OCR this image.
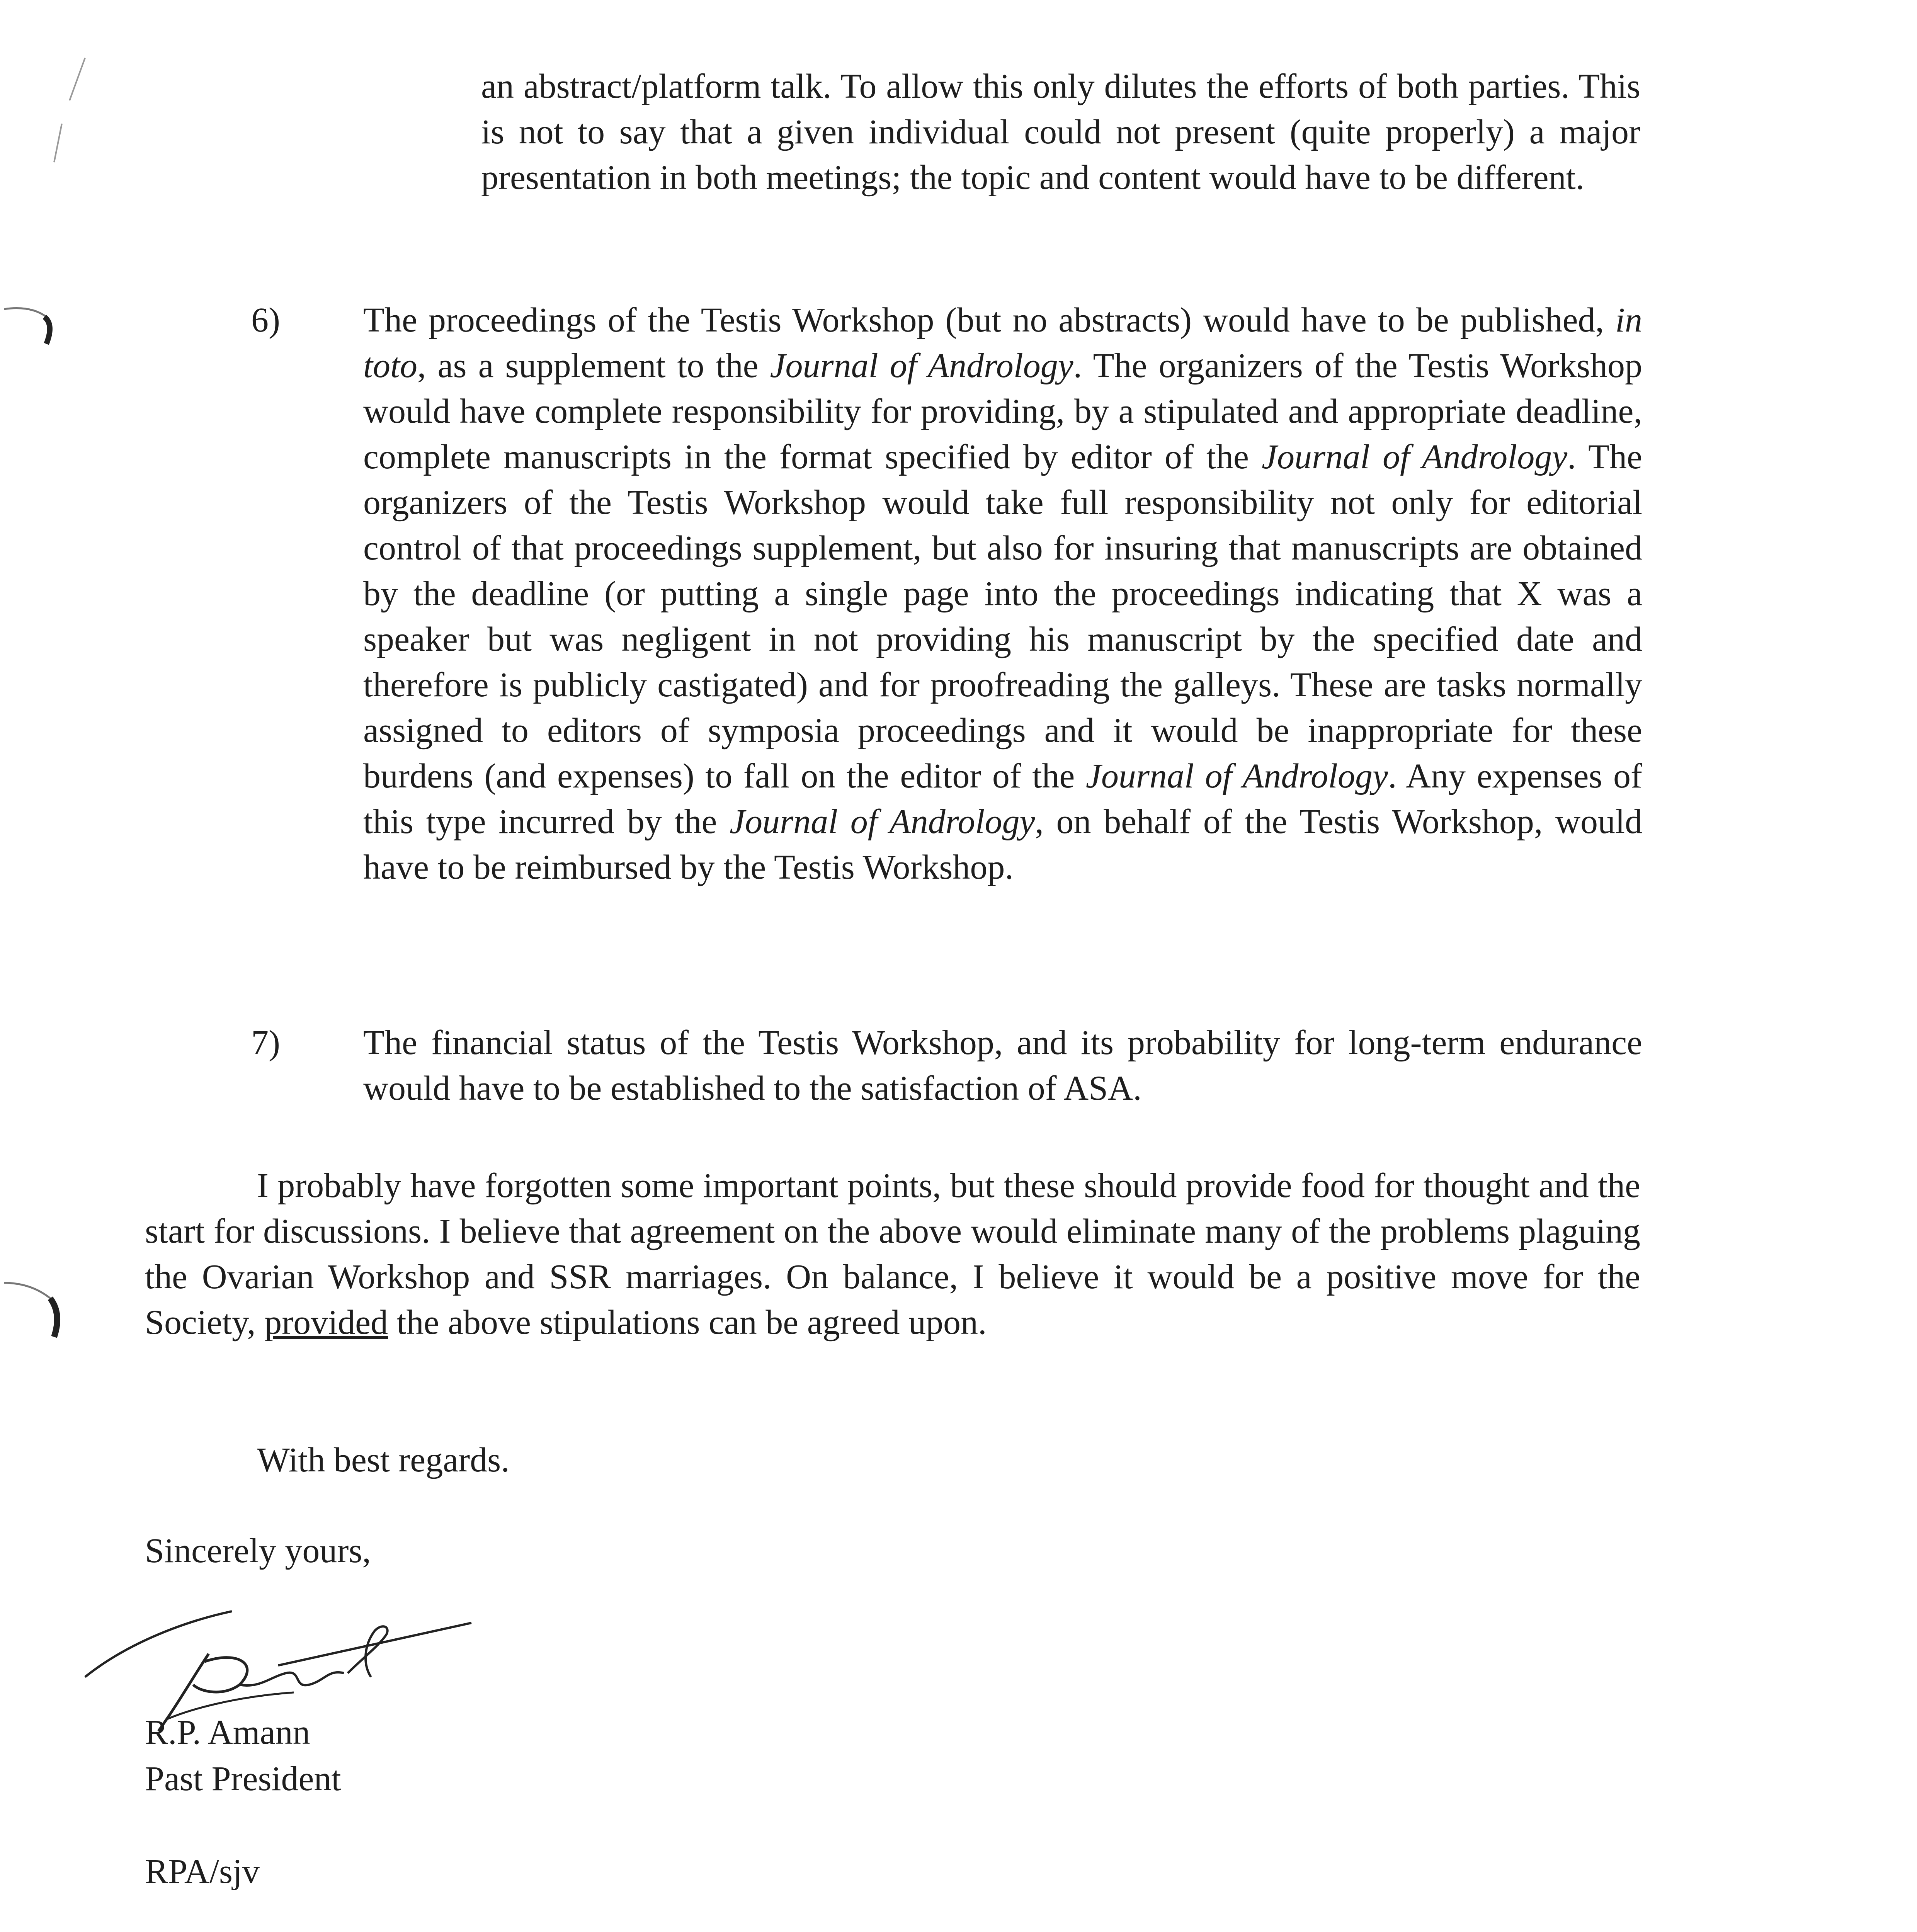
an abstract/platform talk. To allow this only dilutes the efforts of both parties. This is not to say that a given individual could not present (quite properly) a major presentation in both meetings; the topic and content would have to be different.

6) The proceedings of the Testis Workshop (but no abstracts) would have to be published, in toto, as a supplement to the Journal of Andrology. The organizers of the Testis Workshop would have complete responsibility for providing, by a stipulated and appropriate deadline, complete manuscripts in the format specified by editor of the Journal of Andrology. The organizers of the Testis Workshop would take full responsibility not only for editorial control of that proceedings supplement, but also for insuring that manuscripts are obtained by the deadline (or putting a single page into the proceedings indicating that X was a speaker but was negligent in not providing his manuscript by the specified date and therefore is publicly castigated) and for proofreading the galleys. These are tasks normally assigned to editors of symposia proceedings and it would be inappropriate for these burdens (and expenses) to fall on the editor of the Journal of Andrology. Any expenses of this type incurred by the Journal of Andrology, on behalf of the Testis Workshop, would have to be reimbursed by the Testis Workshop.

7) The financial status of the Testis Workshop, and its probability for long-term endurance would have to be established to the satisfaction of ASA.

I probably have forgotten some important points, but these should provide food for thought and the start for discussions. I believe that agreement on the above would eliminate many of the problems plaguing the Ovarian Workshop and SSR marriages. On balance, I believe it would be a positive move for the Society, provided the above stipulations can be agreed upon.

With best regards.
Sincerely yours,
R.P. Amann
Past President
RPA/sjv
